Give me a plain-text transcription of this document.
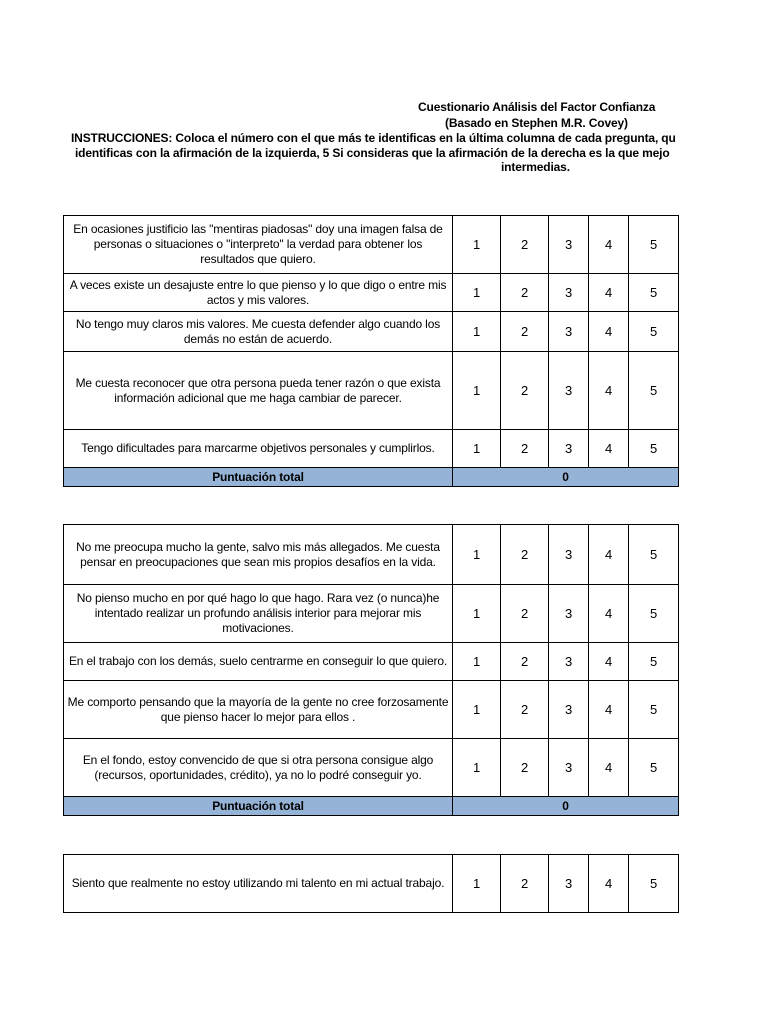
Cuestionario Análisis del Factor Confianza
(Basado en Stephen M.R. Covey)
INSTRUCCIONES: Coloca el número con el que más te identificas en la última columna de cada pregunta, qu
identificas con la afirmación de la izquierda, 5 Si consideras que la afirmación de la derecha es la que mejo
intermedias.
En ocasiones justificio las "mentiras piadosas" doy una imagen falsa de personas o situaciones o "interpreto" la verdad para obtener los resultados que quiero.	1	2	3	4	5
A veces existe un desajuste entre lo que pienso y lo que digo o entre mis actos y mis valores.	1	2	3	4	5
No tengo muy claros mis valores. Me cuesta defender algo cuando los demás no están de acuerdo.	1	2	3	4	5
Me cuesta reconocer que otra persona pueda tener razón o que exista información adicional que me haga cambiar de parecer.	1	2	3	4	5
Tengo dificultades para marcarme objetivos personales y cumplirlos.	1	2	3	4	5
Puntuación total	0				
No me preocupa mucho la gente, salvo mis más allegados. Me cuesta pensar en preocupaciones que sean mis propios desafíos en la vida.	1	2	3	4	5
No pienso mucho en por qué hago lo que hago. Rara vez (o nunca)he intentado realizar un profundo análisis interior para mejorar mis motivaciones.	1	2	3	4	5
En el trabajo con los demás, suelo centrarme en conseguir lo que quiero.	1	2	3	4	5
Me comporto pensando que la mayoría de la gente no cree forzosamente que pienso hacer lo mejor para ellos .	1	2	3	4	5
En el fondo, estoy convencido de que si otra persona consigue algo (recursos, oportunidades, crédito), ya no lo podré conseguir yo.	1	2	3	4	5
Puntuación total	0				
Siento que realmente no estoy utilizando mi talento en mi actual trabajo.	1	2	3	4	5
